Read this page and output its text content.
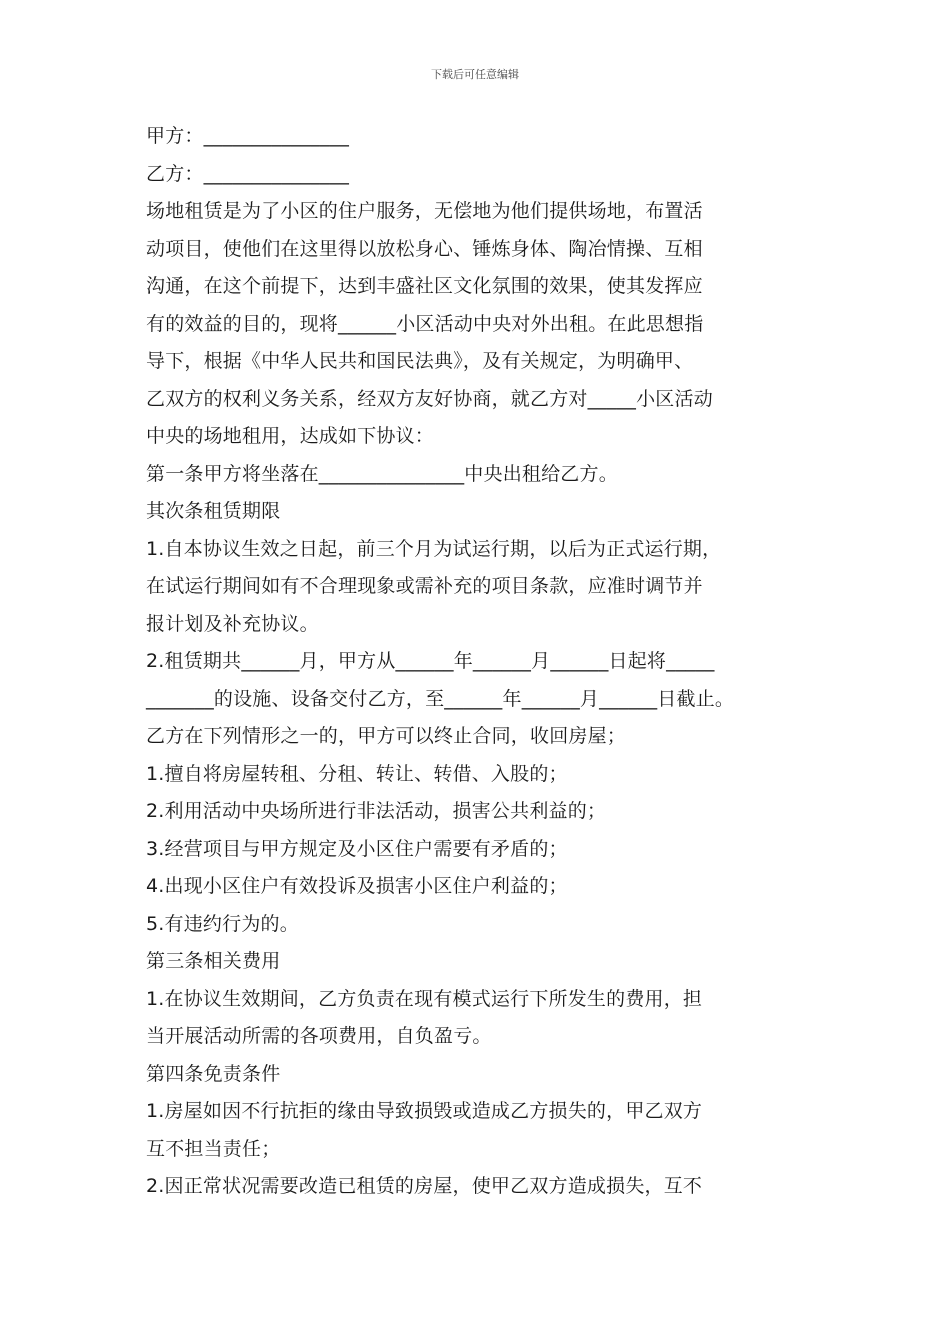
下载后可任意编辑
甲方：_______________
乙方：_______________
场地租赁是为了小区的住户服务，无偿地为他们提供场地，布置活
动项目，使他们在这里得以放松身心、锤炼身体、陶冶情操、互相
沟通，在这个前提下，达到丰盛社区文化氛围的效果，使其发挥应
有的效益的目的，现将______小区活动中央对外出租。在此思想指
导下，根据《中华人民共和国民法典》，及有关规定，为明确甲、
乙双方的权利义务关系，经双方友好协商，就乙方对_____小区活动
中央的场地租用，达成如下协议：
第一条甲方将坐落在_______________中央出租给乙方。
其次条租赁期限
1.自本协议生效之日起，前三个月为试运行期，以后为正式运行期，
在试运行期间如有不合理现象或需补充的项目条款，应准时调节并
报计划及补充协议。
2.租赁期共______月，甲方从______年______月______日起将_____
_______的设施、设备交付乙方，至______年______月______日截止。
乙方在下列情形之一的，甲方可以终止合同，收回房屋；
1.擅自将房屋转租、分租、转让、转借、入股的；
2.利用活动中央场所进行非法活动，损害公共利益的；
3.经营项目与甲方规定及小区住户需要有矛盾的；
4.出现小区住户有效投诉及损害小区住户利益的；
5.有违约行为的。
第三条相关费用
1.在协议生效期间，乙方负责在现有模式运行下所发生的费用，担
当开展活动所需的各项费用，自负盈亏。
第四条免责条件
1.房屋如因不行抗拒的缘由导致损毁或造成乙方损失的，甲乙双方
互不担当责任；
2.因正常状况需要改造已租赁的房屋，使甲乙双方造成损失，互不
